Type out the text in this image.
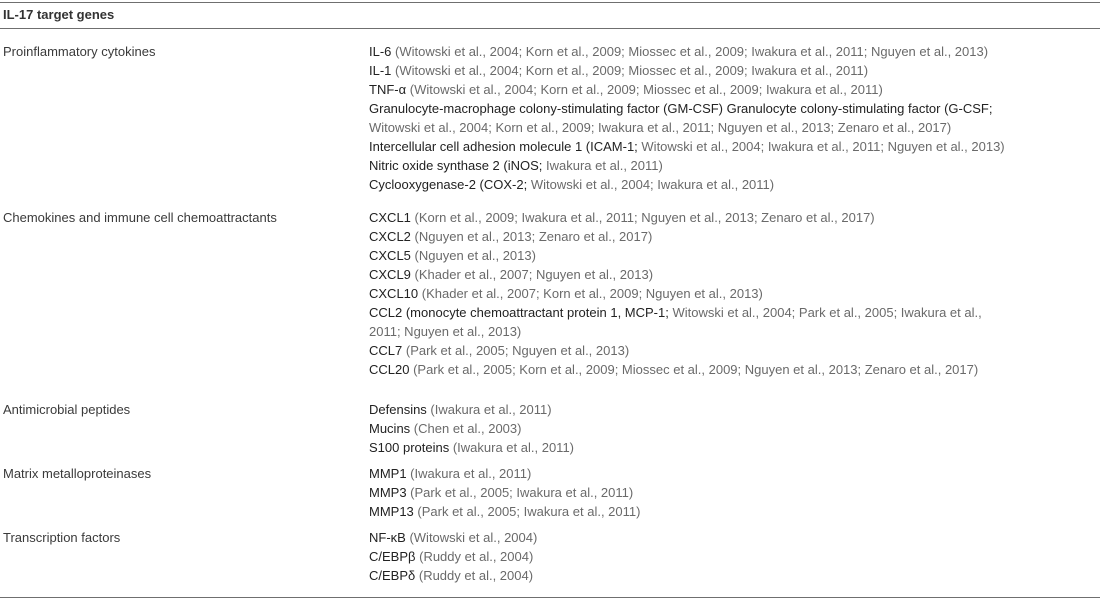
IL-17 target genes
Proinflammatory cytokines	IL-6 (Witowski et al., 2004; Korn et al., 2009; Miossec et al., 2009; Iwakura et al., 2011; Nguyen et al., 2013)
IL-1 (Witowski et al., 2004; Korn et al., 2009; Miossec et al., 2009; Iwakura et al., 2011)
TNF-α (Witowski et al., 2004; Korn et al., 2009; Miossec et al., 2009; Iwakura et al., 2011)
Granulocyte-macrophage colony-stimulating factor (GM-CSF) Granulocyte colony-stimulating factor (G-CSF;
Witowski et al., 2004; Korn et al., 2009; Iwakura et al., 2011; Nguyen et al., 2013; Zenaro et al., 2017)
Intercellular cell adhesion molecule 1 (ICAM-1; Witowski et al., 2004; Iwakura et al., 2011; Nguyen et al., 2013)
Nitric oxide synthase 2 (iNOS; Iwakura et al., 2011)
Cyclooxygenase-2 (COX-2; Witowski et al., 2004; Iwakura et al., 2011)
Chemokines and immune cell chemoattractants	CXCL1 (Korn et al., 2009; Iwakura et al., 2011; Nguyen et al., 2013; Zenaro et al., 2017)
CXCL2 (Nguyen et al., 2013; Zenaro et al., 2017)
CXCL5 (Nguyen et al., 2013)
CXCL9 (Khader et al., 2007; Nguyen et al., 2013)
CXCL10 (Khader et al., 2007; Korn et al., 2009; Nguyen et al., 2013)
CCL2 (monocyte chemoattractant protein 1, MCP-1; Witowski et al., 2004; Park et al., 2005; Iwakura et al.,
2011; Nguyen et al., 2013)
CCL7 (Park et al., 2005; Nguyen et al., 2013)
CCL20 (Park et al., 2005; Korn et al., 2009; Miossec et al., 2009; Nguyen et al., 2013; Zenaro et al., 2017)
Antimicrobial peptides	Defensins (Iwakura et al., 2011)
Mucins (Chen et al., 2003)
S100 proteins (Iwakura et al., 2011)
Matrix metalloproteinases	MMP1 (Iwakura et al., 2011)
MMP3 (Park et al., 2005; Iwakura et al., 2011)
MMP13 (Park et al., 2005; Iwakura et al., 2011)
Transcription factors	NF-κB (Witowski et al., 2004)
C/EBPβ (Ruddy et al., 2004)
C/EBPδ (Ruddy et al., 2004)
